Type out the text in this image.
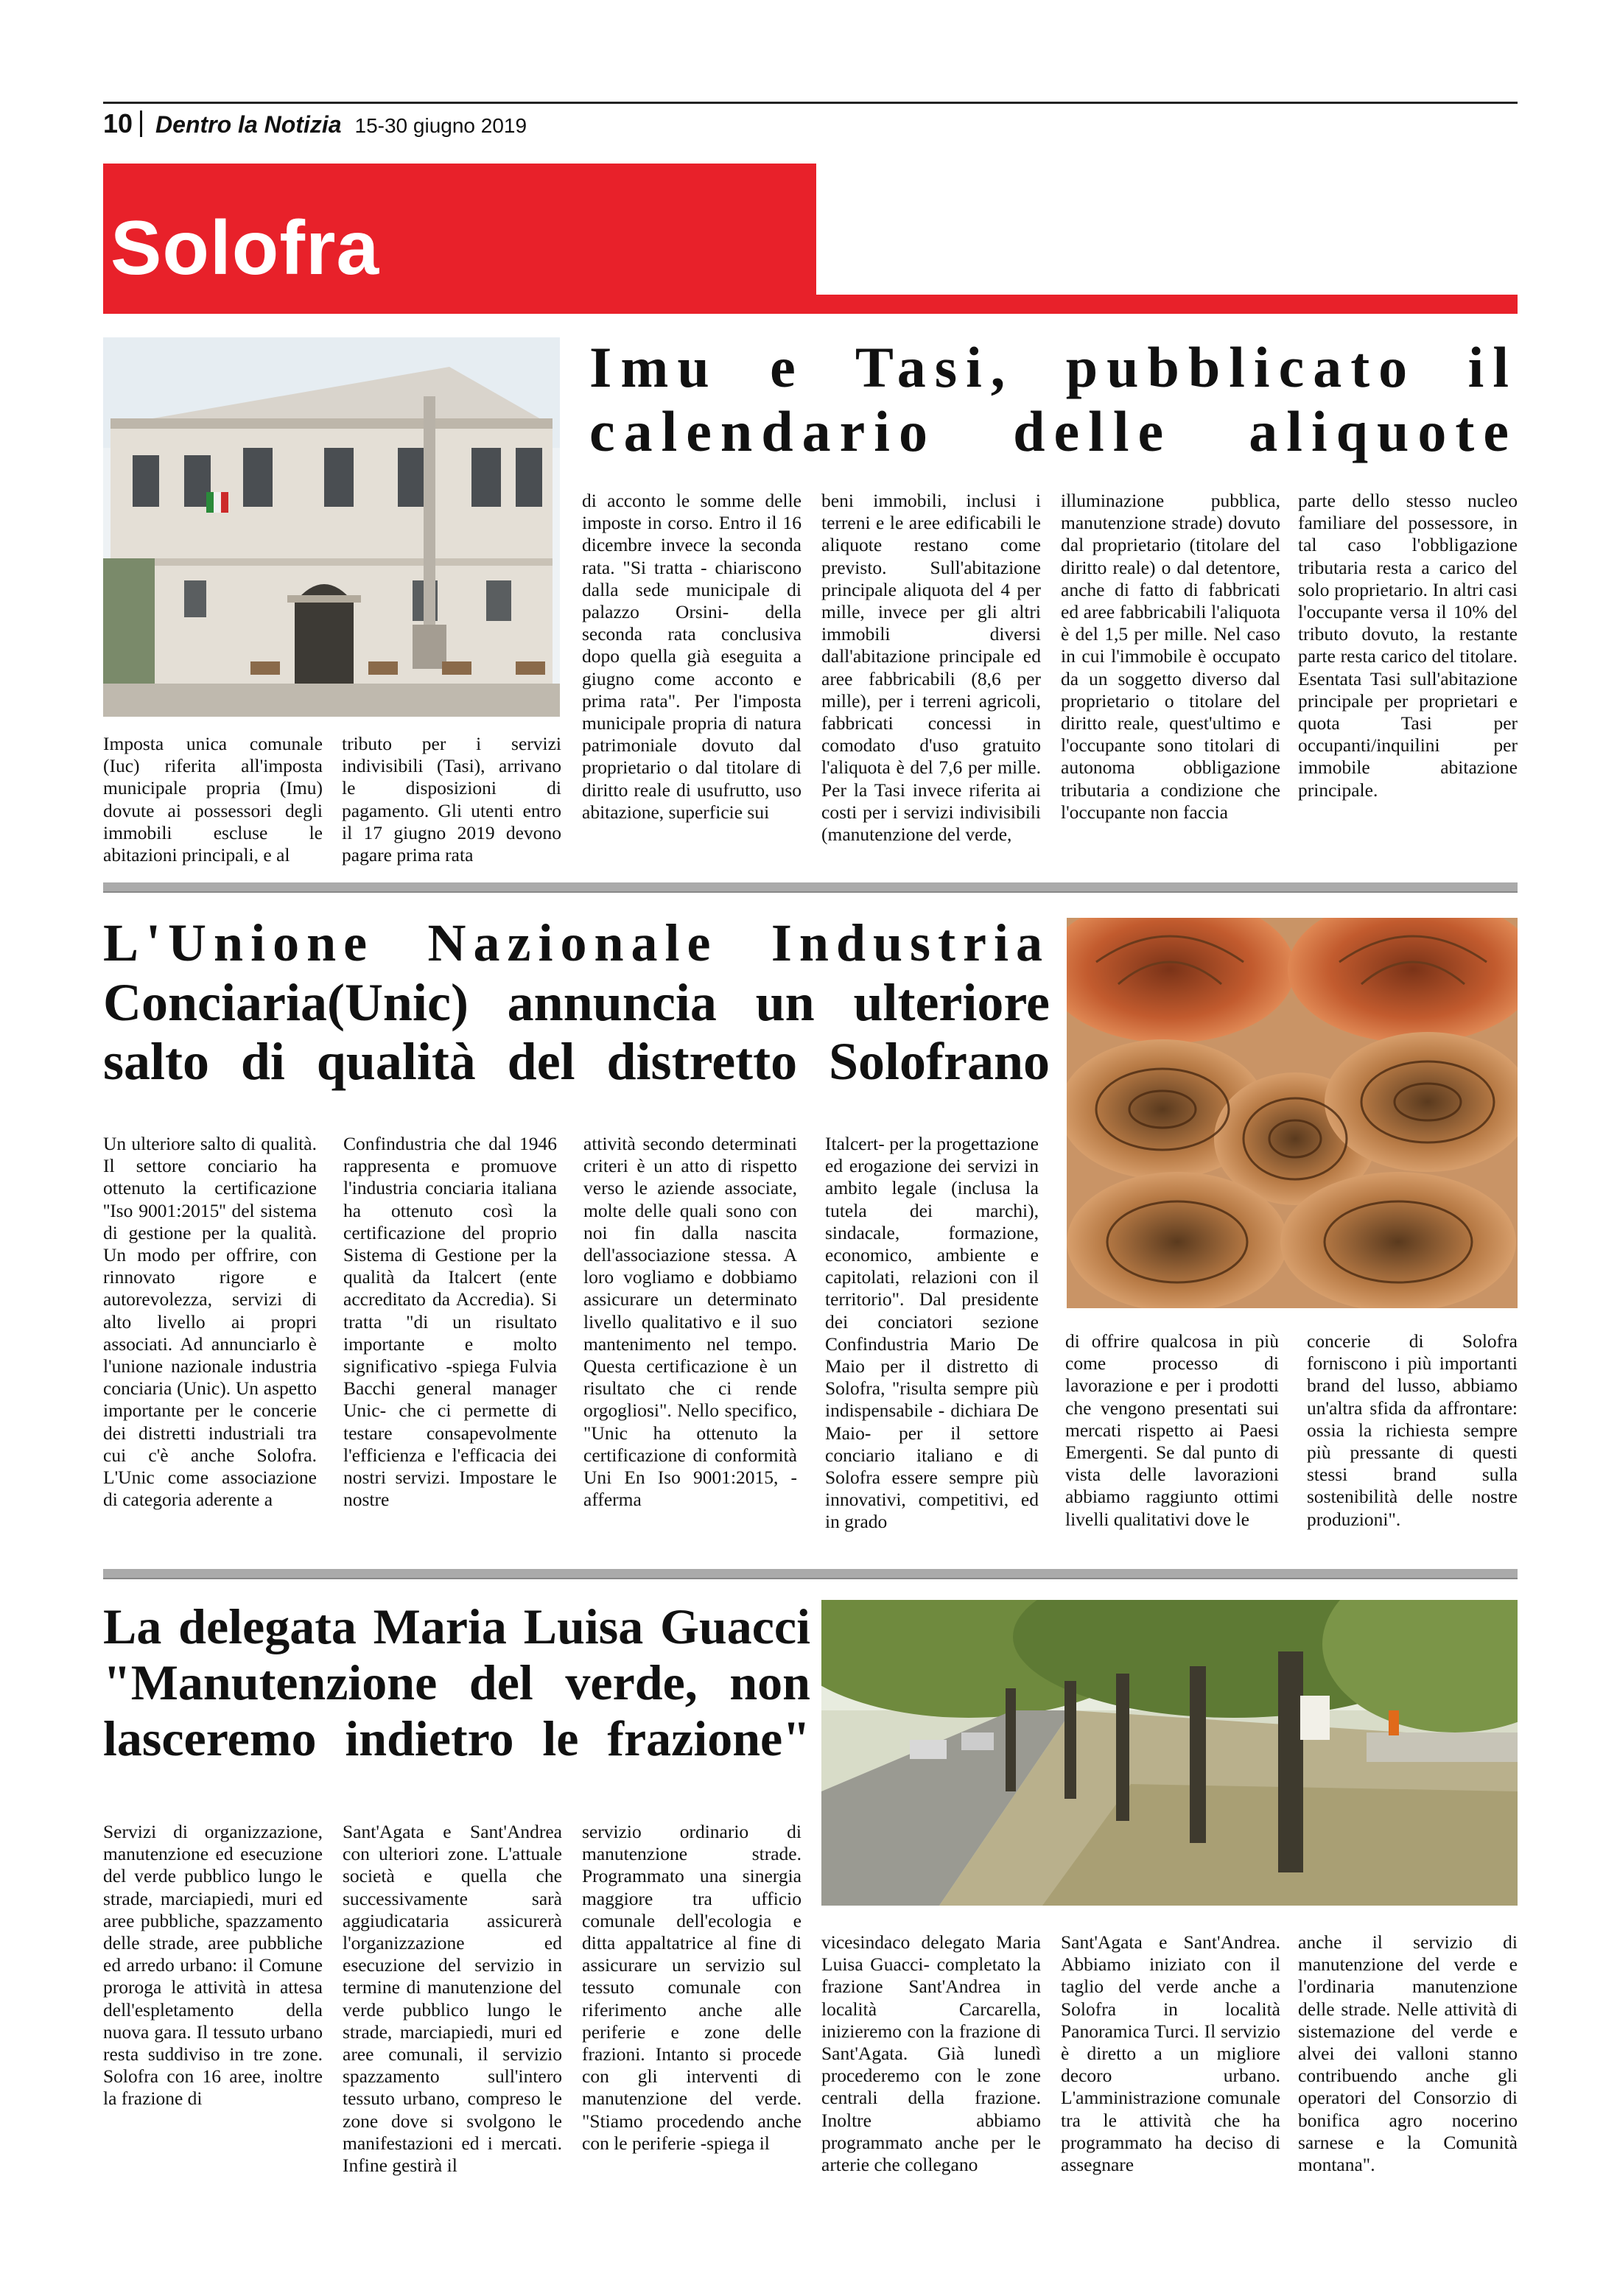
10 Dentro la Notizia 15-30 giugno 2019
Solofra
Imu e Tasi, pubblicato il
calendario delle aliquote
Imposta unica comunale (Iuc) riferita all'imposta municipale propria (Imu) dovute ai possessori degli immobili escluse le abitazioni principali, e al
tributo per i servizi indivisibili (Tasi), arrivano le disposizioni di pagamento. Gli utenti entro il 17 giugno 2019 devono pagare prima rata
di acconto le somme delle imposte in corso. Entro il 16 dicembre invece la seconda rata. "Si tratta - chiariscono dalla sede municipale di palazzo Orsini- della seconda rata conclusiva dopo quella già eseguita a giugno come acconto e prima rata". Per l'imposta municipale propria di natura patrimoniale dovuto dal proprietario o dal titolare di diritto reale di usufrutto, uso abitazione, superficie sui
beni immobili, inclusi i terreni e le aree edificabili le aliquote restano come previsto. Sull'abitazione principale aliquota del 4 per mille, invece per gli altri immobili diversi dall'abitazione principale ed aree fabbricabili (8,6 per mille), per i terreni agricoli, fabbricati concessi in comodato d'uso gratuito l'aliquota è del 7,6 per mille. Per la Tasi invece riferita ai costi per i servizi indivisibili (manutenzione del verde,
illuminazione pubblica, manutenzione strade) dovuto dal proprietario (titolare del diritto reale) o dal detentore, anche di fatto di fabbricati ed aree fabbricabili l'aliquota è del 1,5 per mille. Nel caso in cui l'immobile è occupato da un soggetto diverso dal proprietario o titolare del diritto reale, quest'ultimo e l'occupante sono titolari di autonoma obbligazione tributaria a condizione che l'occupante non faccia
parte dello stesso nucleo familiare del possessore, in tal caso l'obbligazione tributaria resta a carico del solo proprietario. In altri casi l'occupante versa il 10% del tributo dovuto, la restante parte resta carico del titolare. Esentata Tasi sull'abitazione principale per proprietari e quota Tasi per occupanti/inquilini per immobile abitazione principale.
L'Unione Nazionale Industria
Conciaria(Unic) annuncia un ulteriore
salto di qualità del distretto Solofrano
Un ulteriore salto di qualità. Il settore conciario ha ottenuto la certificazione ''Iso 9001:2015'' del sistema di gestione per la qualità. Un modo per offrire, con rinnovato rigore e autorevolezza, servizi di alto livello ai propri associati. Ad annunciarlo è l'unione nazionale industria conciaria (Unic). Un aspetto importante per le concerie dei distretti industriali tra cui c'è anche Solofra. L'Unic come associazione di categoria aderente a
Confindustria che dal 1946 rappresenta e promuove l'industria conciaria italiana ha ottenuto così la certificazione del proprio Sistema di Gestione per la qualità da Italcert (ente accreditato da Accredia). Si tratta "di un risultato importante e molto significativo -spiega Fulvia Bacchi general manager Unic- che ci permette di testare consapevolmente l'efficienza e l'efficacia dei nostri servizi. Impostare le nostre
attività secondo determinati criteri è un atto di rispetto verso le aziende associate, molte delle quali sono con noi fin dalla nascita dell'associazione stessa. A loro vogliamo e dobbiamo assicurare un determinato livello qualitativo e il suo mantenimento nel tempo. Questa certificazione è un risultato che ci rende orgogliosi". Nello specifico, "Unic ha ottenuto la certificazione di conformità Uni En Iso 9001:2015, -afferma
Italcert- per la progettazione ed erogazione dei servizi in ambito legale (inclusa la tutela dei marchi), sindacale, formazione, economico, ambiente e capitolati, relazioni con il territorio". Dal presidente dei conciatori sezione Confindustria Mario De Maio per il distretto di Solofra, "risulta sempre più indispensabile - dichiara De Maio- per il settore conciario italiano e di Solofra essere sempre più innovativi, competitivi, ed in grado
di offrire qualcosa in più come processo di lavorazione e per i prodotti che vengono presentati sui mercati rispetto ai Paesi Emergenti. Se dal punto di vista delle lavorazioni abbiamo raggiunto ottimi livelli qualitativi dove le
concerie di Solofra forniscono i più importanti brand del lusso, abbiamo un'altra sfida da affrontare: ossia la richiesta sempre più pressante di questi stessi brand sulla sostenibilità delle nostre produzioni".
La delegata Maria Luisa Guacci
"Manutenzione del verde, non
lasceremo indietro le frazione"
Servizi di organizzazione, manutenzione ed esecuzione del verde pubblico lungo le strade, marciapiedi, muri ed aree pubbliche, spazzamento delle strade, aree pubbliche ed arredo urbano: il Comune proroga le attività in attesa dell'espletamento della nuova gara. Il tessuto urbano resta suddiviso in tre zone. Solofra con 16 aree, inoltre la frazione di
Sant'Agata e Sant'Andrea con ulteriori zone. L'attuale società e quella che successivamente sarà aggiudicataria assicurerà l'organizzazione ed esecuzione del servizio in termine di manutenzione del verde pubblico lungo le strade, marciapiedi, muri ed aree comunali, il servizio spazzamento sull'intero tessuto urbano, compreso le zone dove si svolgono le manifestazioni ed i mercati. Infine gestirà il
servizio ordinario di manutenzione strade. Programmato una sinergia maggiore tra ufficio comunale dell'ecologia e ditta appaltatrice al fine di assicurare un servizio sul tessuto comunale con riferimento anche alle periferie e zone delle frazioni. Intanto si procede con gli interventi di manutenzione del verde. "Stiamo procedendo anche con le periferie -spiega il
vicesindaco delegato Maria Luisa Guacci- completato la frazione Sant'Andrea in località Carcarella, inizieremo con la frazione di Sant'Agata. Già lunedì procederemo con le zone centrali della frazione. Inoltre abbiamo programmato anche per le arterie che collegano
Sant'Agata e Sant'Andrea. Abbiamo iniziato con il taglio del verde anche a Solofra in località Panoramica Turci. Il servizio è diretto a un migliore decoro urbano. L'amministrazione comunale tra le attività che ha programmato ha deciso di assegnare
anche il servizio di manutenzione del verde e l'ordinaria manutenzione delle strade. Nelle attività di sistemazione del verde e alvei dei valloni stanno contribuendo anche gli operatori del Consorzio di bonifica agro nocerino sarnese e la Comunità montana".
